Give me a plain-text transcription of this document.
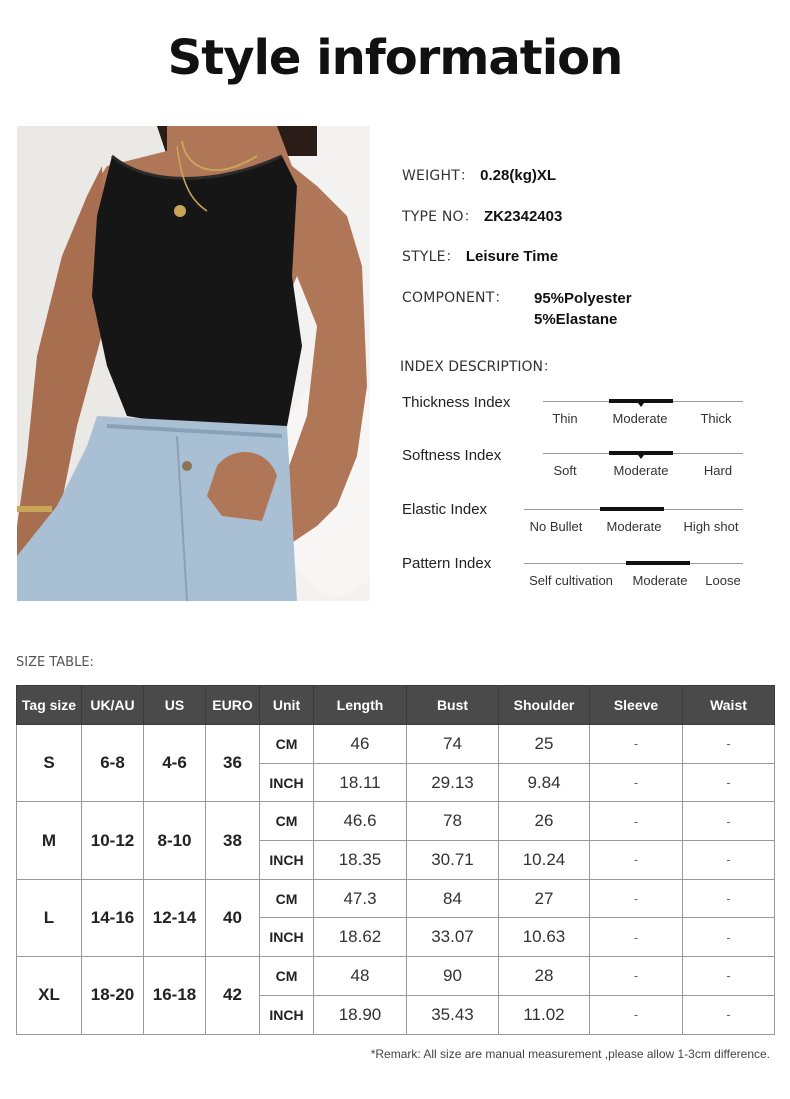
Style information
WEIGHT： 0.28(kg)XL
TYPE NO： ZK2342403
STYLE： Leisure Time
COMPONENT： 95%Polyester
5%Elastane
INDEX DESCRIPTION：
Thickness Index
Thin	Moderate	Thick
Softness Index
Soft	Moderate	Hard
Elastic Index
No Bullet Moderate High shot
Pattern Index
Self cultivation Moderate Loose
SIZE TABLE:
Tag size	UK/AU	US	EURO	Unit	Length	Bust	Shoulder	Sleeve	Waist
S	6-8	4-6	36	CM	46	74	25	-	-
				INCH	18.11	29.13	9.84	-	-
M	10-12	8-10	38	CM	46.6	78	26	-	-
				INCH	18.35	30.71	10.24	-	-
L	14-16	12-14	40	CM	47.3	84	27	-	-
				INCH	18.62	33.07	10.63	-	-
XL	18-20	16-18	42	CM	48	90	28	-	-
				INCH	18.90	35.43	11.02	-	-
*Remark: All size are manual measurement ,please allow 1-3cm difference.
